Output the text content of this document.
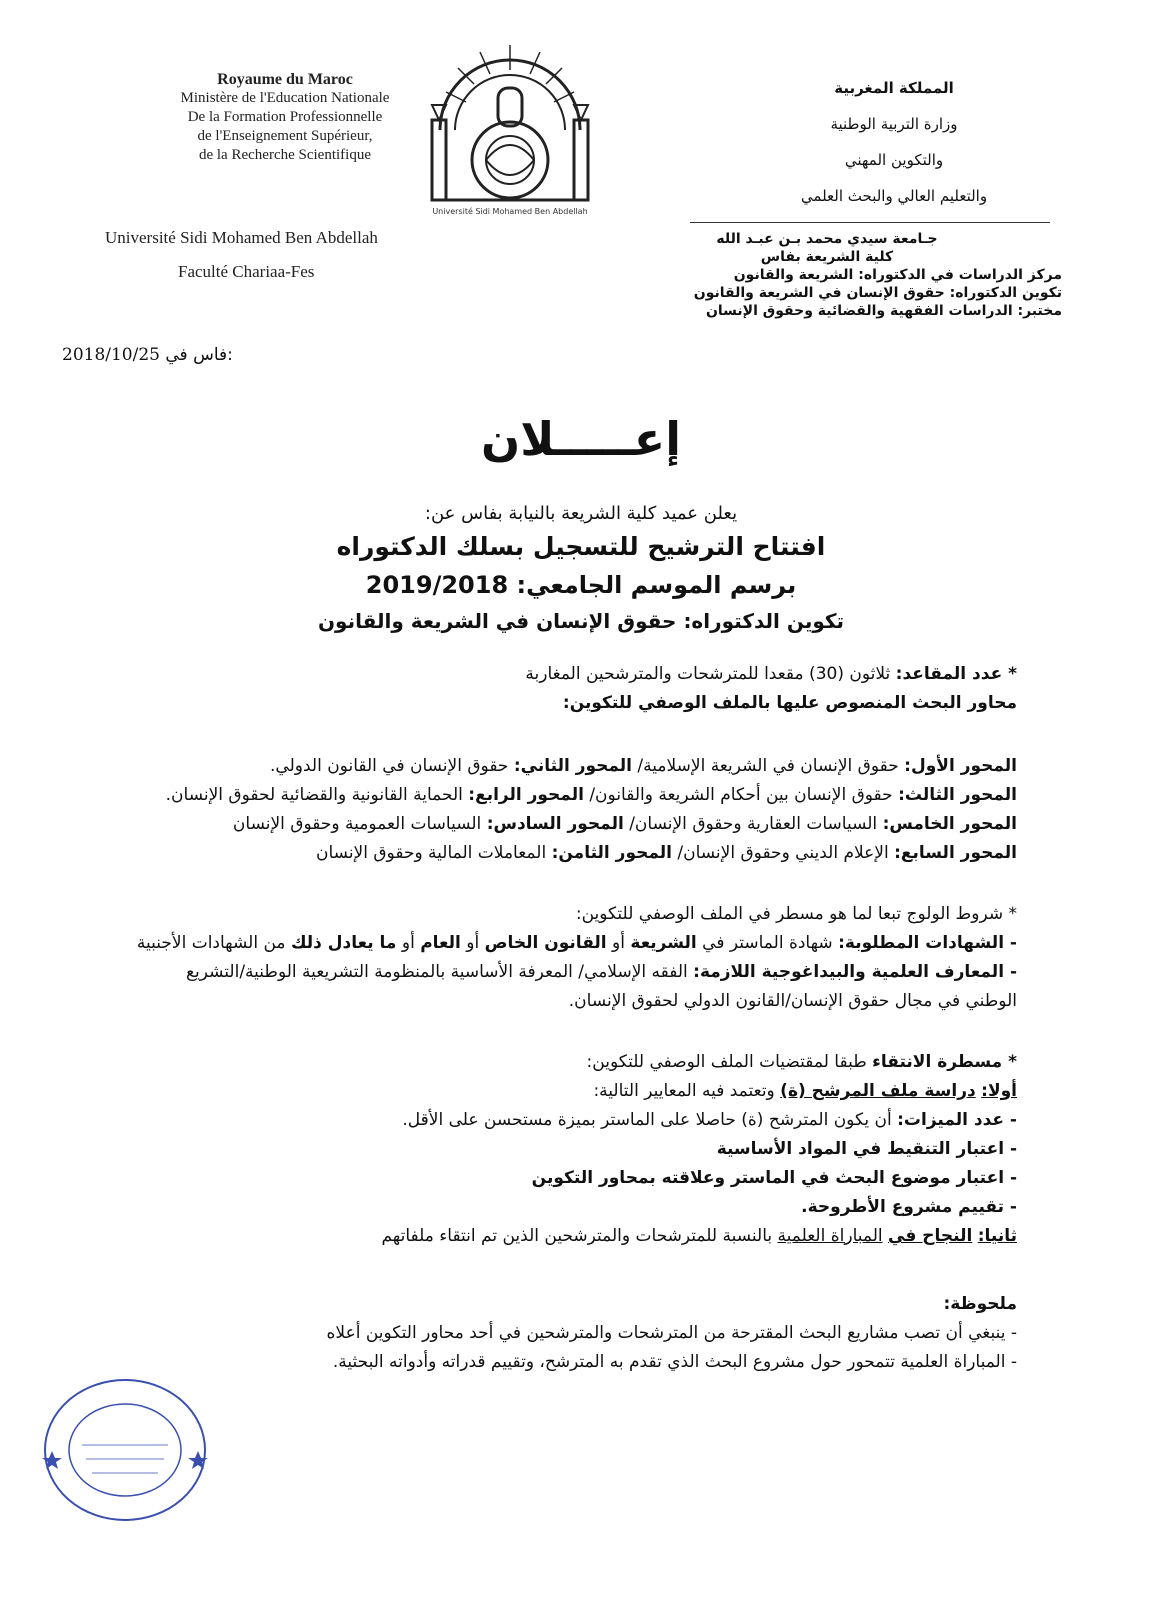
Royaume du Maroc
Ministère de l'Education Nationale
De la Formation Professionnelle
de l'Enseignement Supérieur,
de la Recherche Scientifique
Université Sidi Mohamed Ben Abdellah
Faculté Chariaa-Fes
Université Sidi Mohamed Ben Abdellah
المملكة المغربية
وزارة التربية الوطنية
والتكوين المهني
والتعليم العالي والبحث العلمي
جـامعة سيدي محمد بـن عبـد الله
كلية الشريعة بفاس
مركز الدراسات في الدكتوراه: الشريعة والقانون
تكوين الدكتوراه: حقوق الإنسان في الشريعة والقانون
مختبر: الدراسات الفقهية والقضائية وحقوق الإنسان
2018/10/25 فاس في:
إعـــــلان
يعلن عميد كلية الشريعة بالنيابة بفاس عن:
افتتاح الترشيح للتسجيل بسلك الدكتوراه
برسم الموسم الجامعي: 2019/2018
تكوين الدكتوراه: حقوق الإنسان في الشريعة والقانون
* عدد المقاعد: ثلاثون (30) مقعدا للمترشحات والمترشحين المغاربة
محاور البحث المنصوص عليها بالملف الوصفي للتكوين:
المحور الأول: حقوق الإنسان في الشريعة الإسلامية/ المحور الثاني: حقوق الإنسان في القانون الدولي.
المحور الثالث: حقوق الإنسان بين أحكام الشريعة والقانون/ المحور الرابع: الحماية القانونية والقضائية لحقوق الإنسان.
المحور الخامس: السياسات العقارية وحقوق الإنسان/ المحور السادس: السياسات العمومية وحقوق الإنسان
المحور السابع: الإعلام الديني وحقوق الإنسان/ المحور الثامن: المعاملات المالية وحقوق الإنسان
* شروط الولوج تبعا لما هو مسطر في الملف الوصفي للتكوين:
- الشهادات المطلوبة: شهادة الماستر في الشريعة أو القانون الخاص أو العام أو ما يعادل ذلك من الشهادات الأجنبية
- المعارف العلمية والبيداغوجية اللازمة: الفقه الإسلامي/ المعرفة الأساسية بالمنظومة التشريعية الوطنية/التشريع
الوطني في مجال حقوق الإنسان/القانون الدولي لحقوق الإنسان.
* مسطرة الانتقاء طبقا لمقتضيات الملف الوصفي للتكوين:
أولا: دراسة ملف المرشح (ة) وتعتمد فيه المعايير التالية:
- عدد الميزات: أن يكون المترشح (ة) حاصلا على الماستر بميزة مستحسن على الأقل.
- اعتبار التنقيط في المواد الأساسية
- اعتبار موضوع البحث في الماستر وعلاقته بمحاور التكوين
- تقييم مشروع الأطروحة.
ثانيا: النجاح في المباراة العلمية بالنسبة للمترشحات والمترشحين الذين تم انتقاء ملفاتهم
ملحوظة:
- ينبغي أن تصب مشاريع البحث المقترحة من المترشحات والمترشحين في أحد محاور التكوين أعلاه
- المباراة العلمية تتمحور حول مشروع البحث الذي تقدم به المترشح، وتقييم قدراته وأدواته البحثية.
